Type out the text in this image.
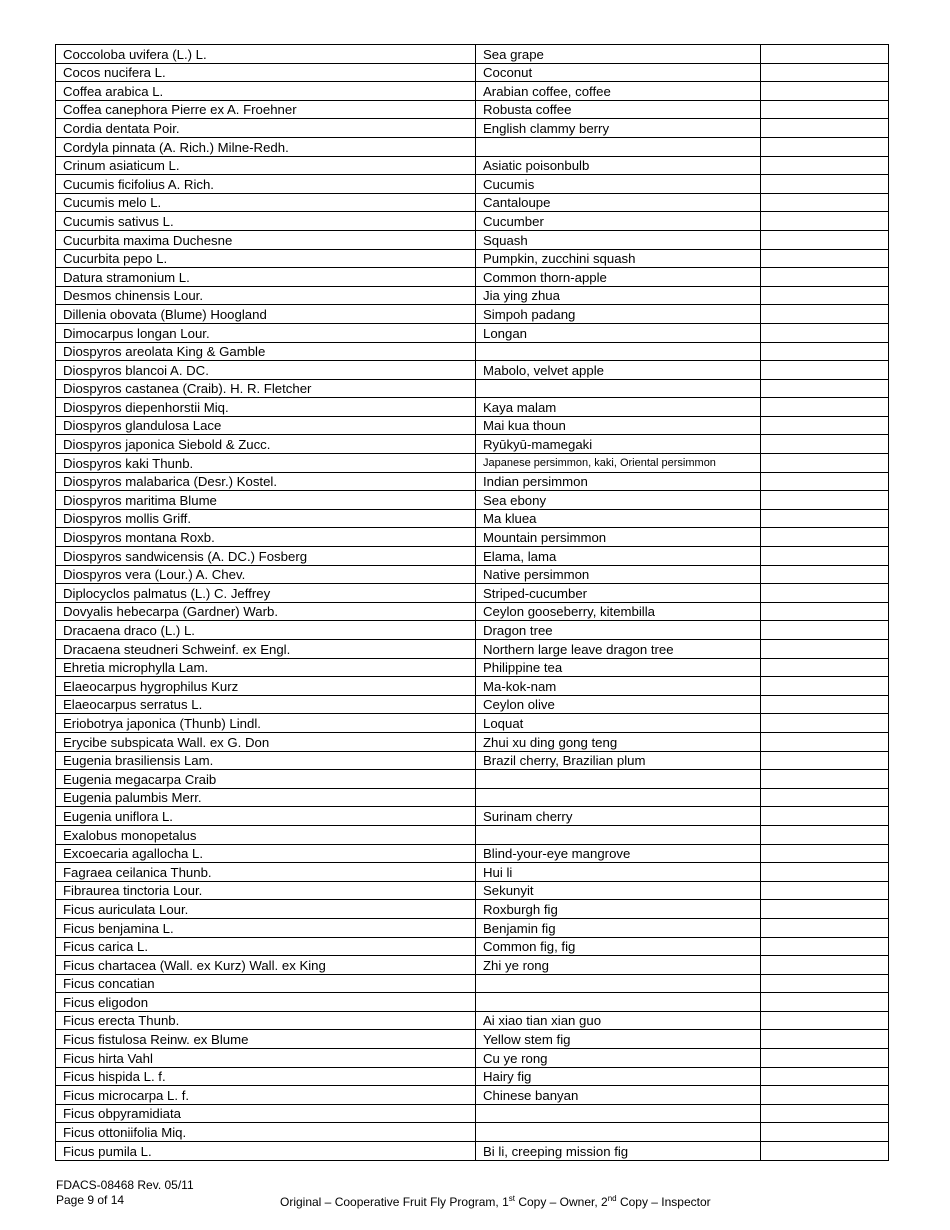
Coccoloba uvifera (L.) L.	Sea grape	
Cocos nucifera L.	Coconut	
Coffea arabica L.	Arabian coffee, coffee	
Coffea canephora Pierre ex A. Froehner	Robusta coffee	
Cordia dentata Poir.	English clammy berry	
Cordyla pinnata (A. Rich.) Milne-Redh.		
Crinum asiaticum L.	Asiatic poisonbulb	
Cucumis ficifolius A. Rich.	Cucumis	
Cucumis melo L.	Cantaloupe	
Cucumis sativus L.	Cucumber	
Cucurbita maxima Duchesne	Squash	
Cucurbita pepo L.	Pumpkin, zucchini squash	
Datura stramonium L.	Common thorn-apple	
Desmos chinensis Lour.	Jia ying zhua	
Dillenia obovata (Blume) Hoogland	Simpoh padang	
Dimocarpus longan Lour.	Longan	
Diospyros areolata King & Gamble		
Diospyros blancoi A. DC.	Mabolo, velvet apple	
Diospyros castanea (Craib). H. R. Fletcher		
Diospyros diepenhorstii Miq.	Kaya malam	
Diospyros glandulosa Lace	Mai kua thoun	
Diospyros japonica Siebold & Zucc.	Ryūkyū-mamegaki	
Diospyros kaki Thunb.	Japanese persimmon, kaki, Oriental persimmon	
Diospyros malabarica (Desr.) Kostel.	Indian persimmon	
Diospyros maritima Blume	Sea ebony	
Diospyros mollis Griff.	Ma kluea	
Diospyros montana Roxb.	Mountain persimmon	
Diospyros sandwicensis (A. DC.) Fosberg	Elama, lama	
Diospyros vera (Lour.) A. Chev.	Native persimmon	
Diplocyclos palmatus (L.) C. Jeffrey	Striped-cucumber	
Dovyalis hebecarpa (Gardner) Warb.	Ceylon gooseberry, kitembilla	
Dracaena draco (L.) L.	Dragon tree	
Dracaena steudneri Schweinf. ex Engl.	Northern large leave dragon tree	
Ehretia microphylla Lam.	Philippine tea	
Elaeocarpus hygrophilus Kurz	Ma-kok-nam	
Elaeocarpus serratus L.	Ceylon olive	
Eriobotrya japonica (Thunb) Lindl.	Loquat	
Erycibe subspicata Wall. ex G. Don	Zhui xu ding gong teng	
Eugenia brasiliensis Lam.	Brazil cherry, Brazilian plum	
Eugenia megacarpa Craib		
Eugenia palumbis Merr.		
Eugenia uniflora L.	Surinam cherry	
Exalobus monopetalus		
Excoecaria agallocha L.	Blind-your-eye mangrove	
Fagraea ceilanica Thunb.	Hui li	
Fibraurea tinctoria Lour.	Sekunyit	
Ficus auriculata Lour.	Roxburgh fig	
Ficus benjamina L.	Benjamin fig	
Ficus carica L.	Common fig, fig	
Ficus chartacea (Wall. ex Kurz) Wall. ex King	Zhi ye rong	
Ficus concatian		
Ficus eligodon		
Ficus erecta Thunb.	Ai xiao tian xian guo	
Ficus fistulosa Reinw. ex Blume	Yellow stem fig	
Ficus hirta Vahl	Cu ye rong	
Ficus hispida L. f.	Hairy fig	
Ficus microcarpa L. f.	Chinese banyan	
Ficus obpyramidiata		
Ficus ottoniifolia Miq.		
Ficus pumila L.	Bi li, creeping mission fig	
FDACS-08468 Rev. 05/11
Page 9 of 14	Original – Cooperative Fruit Fly Program, 1st Copy – Owner, 2nd Copy – Inspector
